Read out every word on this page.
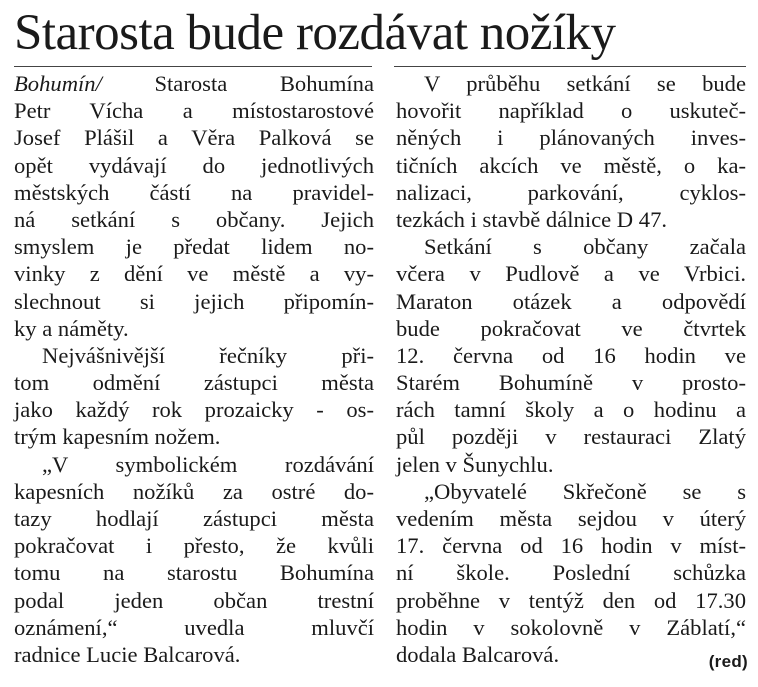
Starosta bude rozdávat nožíky
Bohumín/ Starosta Bohumína
Petr Vícha a místostarostové
Josef Plášil a Věra Palková se
opět vydávají do jednotlivých
městských částí na pravidel-
ná setkání s občany. Jejich
smyslem je předat lidem no-
vinky z dění ve městě a vy-
slechnout si jejich připomín-
ky a náměty.
Nejvášnivější řečníky při-
tom odmění zástupci města
jako každý rok prozaicky - os-
trým kapesním nožem.
„V symbolickém rozdávání
kapesních nožíků za ostré do-
tazy hodlají zástupci města
pokračovat i přesto, že kvůli
tomu na starostu Bohumína
podal jeden občan trestní
oznámení,“ uvedla mluvčí
radnice Lucie Balcarová.
V průběhu setkání se bude
hovořit například o uskuteč-
něných i plánovaných inves-
tičních akcích ve městě, o ka-
nalizaci, parkování, cyklos-
tezkách i stavbě dálnice D 47.
Setkání s občany začala
včera v Pudlově a ve Vrbici.
Maraton otázek a odpovědí
bude pokračovat ve čtvrtek
12. června od 16 hodin ve
Starém Bohumíně v prosto-
rách tamní školy a o hodinu a
půl později v restauraci Zlatý
jelen v Šunychlu.
„Obyvatelé Skřečoně se s
vedením města sejdou v úterý
17. června od 16 hodin v míst-
ní škole. Poslední schůzka
proběhne v tentýž den od 17.30
hodin v sokolovně v Záblatí,“
dodala Balcarová.	(red)
